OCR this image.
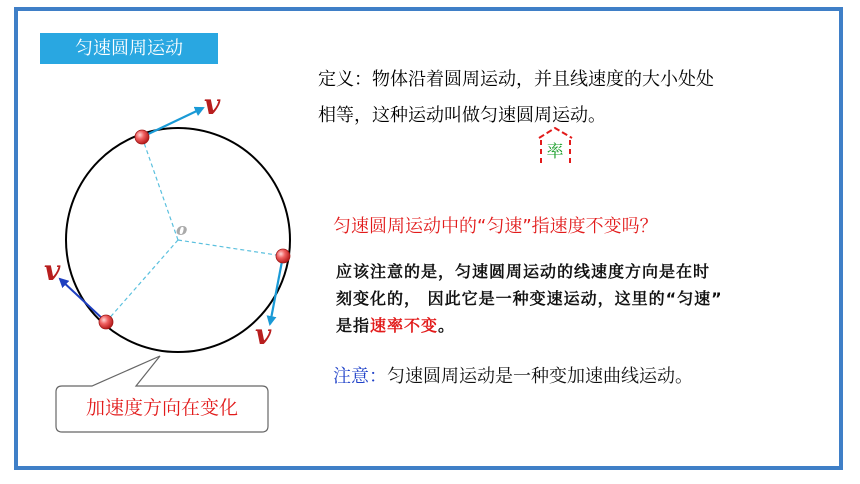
匀速圆周运动
定义：物体沿着圆周运动，并且线速度的大小处处
相等，这种运动叫做匀速圆周运动。
率
匀速圆周运动中的“匀速”指速度不变吗？
应该注意的是，匀速圆周运动的线速度方向是在时
刻变化的， 因此它是一种变速运动，这里的“匀速”
是指速率不变。
注意：匀速圆周运动是一种变加速曲线运动。
o
v
v
v
加速度方向在变化
